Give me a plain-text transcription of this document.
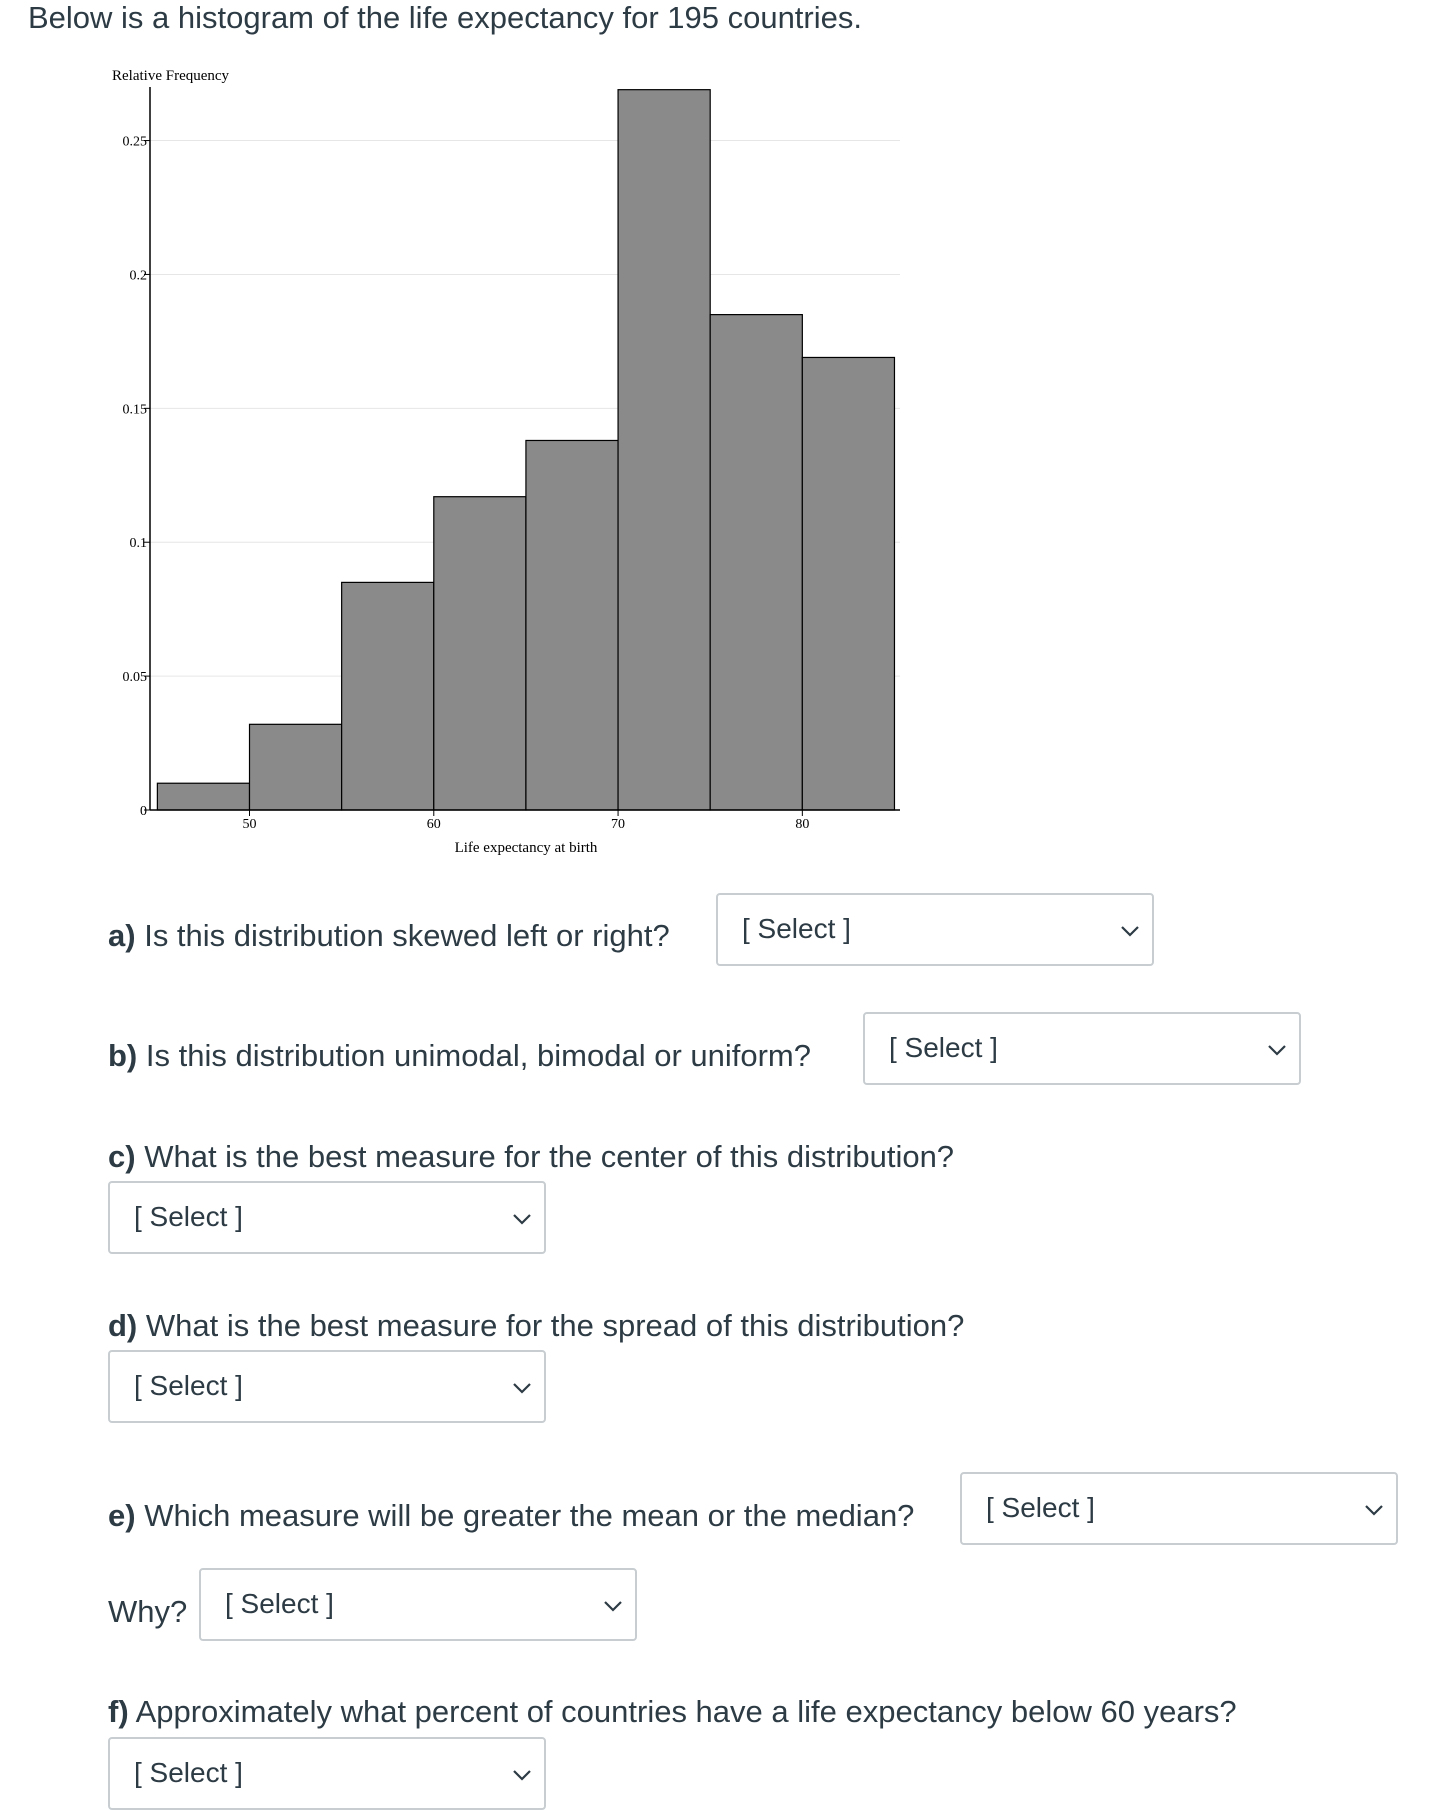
Below is a histogram of the life expectancy for 195 countries.
0
0.05
0.1
0.15
0.2
0.25
50	60	70	80
Relative Frequency
Life expectancy at birth
a) Is this distribution skewed left or right?	[ Select ]
b) Is this distribution unimodal, bimodal or uniform?	[ Select ]
c) What is the best measure for the center of this distribution?
[ Select ]
d) What is the best measure for the spread of this distribution?
[ Select ]
e) Which measure will be greater the mean or the median?	[ Select ]
Why? [ Select ]
f) Approximately what percent of countries have a life expectancy below 60 years?
[ Select ]
